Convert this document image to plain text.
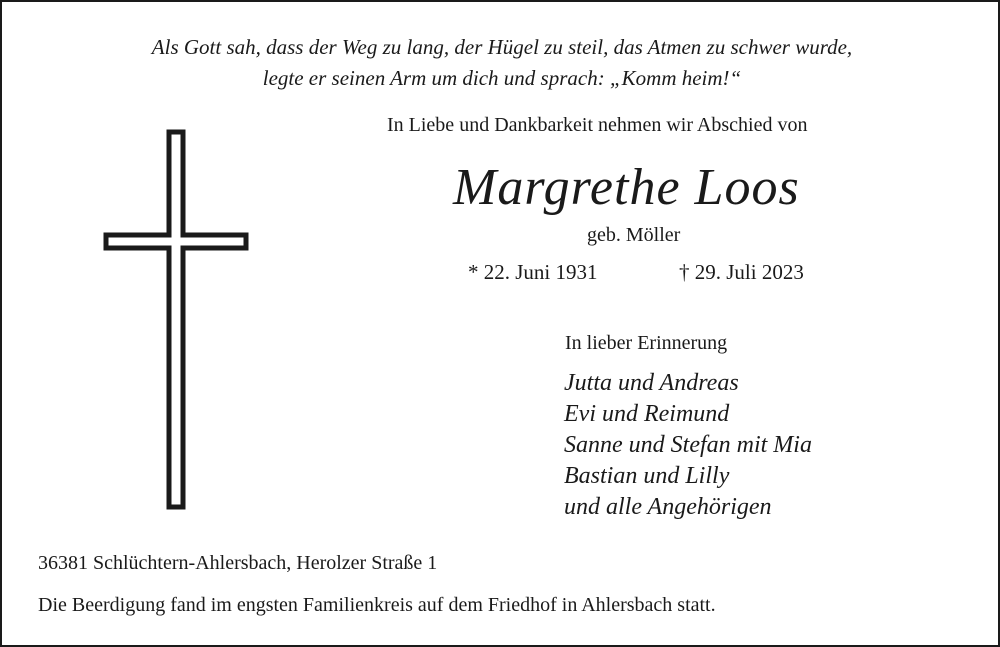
Als Gott sah, dass der Weg zu lang, der Hügel zu steil, das Atmen zu schwer wurde,
legte er seinen Arm um dich und sprach: „Komm heim!“
In Liebe und Dankbarkeit nehmen wir Abschied von
Margrethe Loos
geb. Möller
* 22. Juni 1931	† 29. Juli 2023
In lieber Erinnerung
Jutta und Andreas
Evi und Reimund
Sanne und Stefan mit Mia
Bastian und Lilly
und alle Angehörigen
36381 Schlüchtern-Ahlersbach, Herolzer Straße 1
Die Beerdigung fand im engsten Familienkreis auf dem Friedhof in Ahlersbach statt.
